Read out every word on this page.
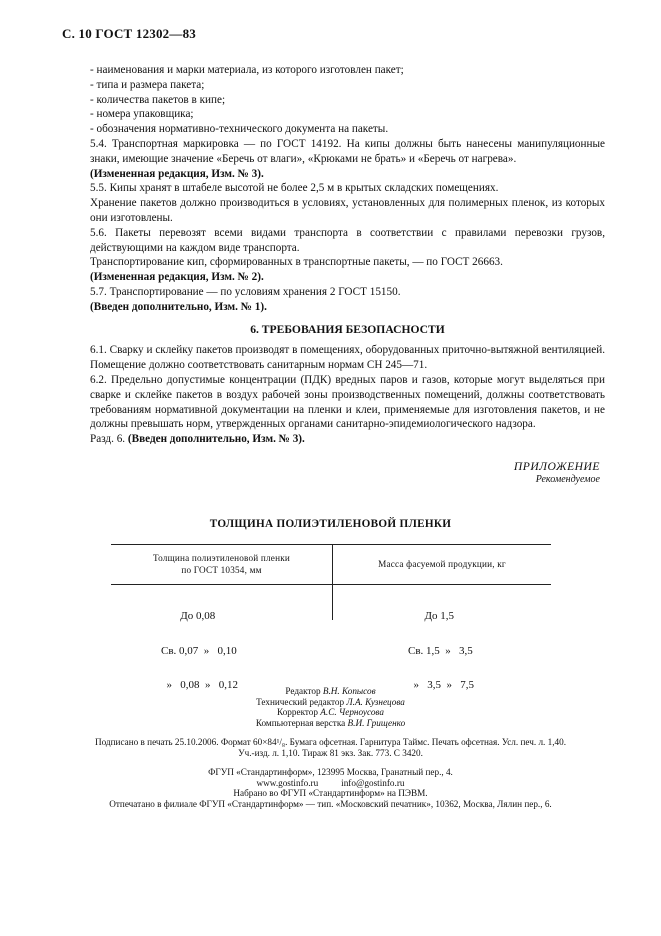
С. 10 ГОСТ 12302—83

- наименования и марки материала, из которого изготовлен пакет;

- типа и размера пакета;

- количества пакетов в кипе;

- номера упаковщика;

- обозначения нормативно-технического документа на пакеты.

5.4. Транспортная маркировка — по ГОСТ 14192. На кипы должны быть нанесены манипуляционные знаки, имеющие значение «Беречь от влаги», «Крюками не брать» и «Беречь от нагрева».

(Измененная редакция, Изм. № 3).

5.5. Кипы хранят в штабеле высотой не более 2,5 м в крытых складских помещениях.

Хранение пакетов должно производиться в условиях, установленных для полимерных пленок, из которых они изготовлены.

5.6. Пакеты перевозят всеми видами транспорта в соответствии с правилами перевозки грузов, действующими на каждом виде транспорта.

Транспортирование кип, сформированных в транспортные пакеты, — по ГОСТ 26663.

(Измененная редакция, Изм. № 2).

5.7. Транспортирование — по условиям хранения 2 ГОСТ 15150.

(Введен дополнительно, Изм. № 1).

6. ТРЕБОВАНИЯ БЕЗОПАСНОСТИ

6.1. Сварку и склейку пакетов производят в помещениях, оборудованных приточно-вытяжной вентиляцией. Помещение должно соответствовать санитарным нормам СН 245—71.

6.2. Предельно допустимые концентрации (ПДК) вредных паров и газов, которые могут выделяться при сварке и склейке пакетов в воздух рабочей зоны производственных помещений, должны соответствовать требованиям нормативной документации на пленки и клеи, применяемые для изготовления пакетов, и не должны превышать норм, утвержденных органами санитарно-эпидемиологического надзора.

Разд. 6. (Введен дополнительно, Изм. № 3).

ПРИЛОЖЕНИЕ
Рекомендуемое
ТОЛЩИНА ПОЛИЭТИЛЕНОВОЙ ПЛЕНКИ
Толщина полиэтиленовой пленки
по ГОСТ 10354, мм
Масса фасуемой продукции, кг

До 0,08

Св. 0,07  »   0,10

»   0,08  »   0,12

До 1,5

Св. 1,5  »   3,5

»   3,5  »   7,5

Редактор В.Н. Копысов
Технический редактор Л.А. Кузнецова
Корректор А.С. Черноусова
Компьютерная верстка В.И. Грищенко
Подписано в печать 25.10.2006. Формат 60×84¹/₈. Бумага офсетная. Гарнитура Таймс. Печать офсетная. Усл. печ. л. 1,40.
Уч.-изд. л. 1,10. Тираж 81 экз. Зак. 773. С 3420.
ФГУП «Стандартинформ», 123995 Москва, Гранатный пер., 4.
www.gostinfo.ru          info@gostinfo.ru
Набрано во ФГУП «Стандартинформ» на ПЭВМ.
Отпечатано в филиале ФГУП «Стандартинформ» — тип. «Московский печатник», 10362, Москва, Лялин пер., 6.
